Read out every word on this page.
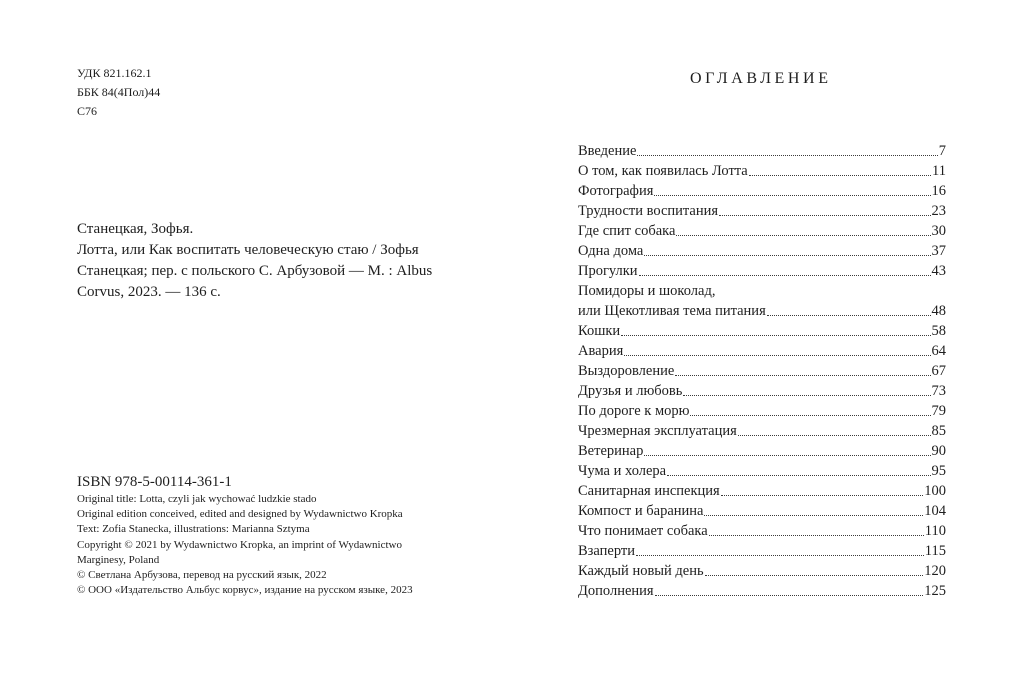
УДК 821.162.1
ББК 84(4Пол)44
С76
Станецкая, Зофья.
Лотта, или Как воспитать человеческую стаю / Зофья
Станецкая; пер. с польского С. Арбузовой — М. : Albus
Corvus, 2023. — 136 с.
ISBN 978-5-00114-361-1
Original title: Lotta, czyli jak wychować ludzkie stado
Original edition conceived, edited and designed by Wydawnictwo Kropka
Text: Zofia Stanecka, illustrations: Marianna Sztyma
Copyright © 2021 by Wydawnictwo Kropka, an imprint of Wydawnictwo Marginesy, Poland
© Светлана Арбузова, перевод на русский язык, 2022
© ООО «Издательство Альбус корвус», издание на русском языке, 2023
ОГЛАВЛЕНИЕ
Введение	7
О том, как появилась Лотта	11
Фотография	16
Трудности воспитания	23
Где спит собака	30
Одна дома	37
Прогулки	43
Помидоры и шоколад,
или Щекотливая тема питания	48
Кошки	58
Авария	64
Выздоровление	67
Друзья и любовь	73
По дороге к морю	79
Чрезмерная эксплуатация	85
Ветеринар	90
Чума и холера	95
Санитарная инспекция	100
Компост и баранина	104
Что понимает собака	110
Взаперти	115
Каждый новый день	120
Дополнения	125
